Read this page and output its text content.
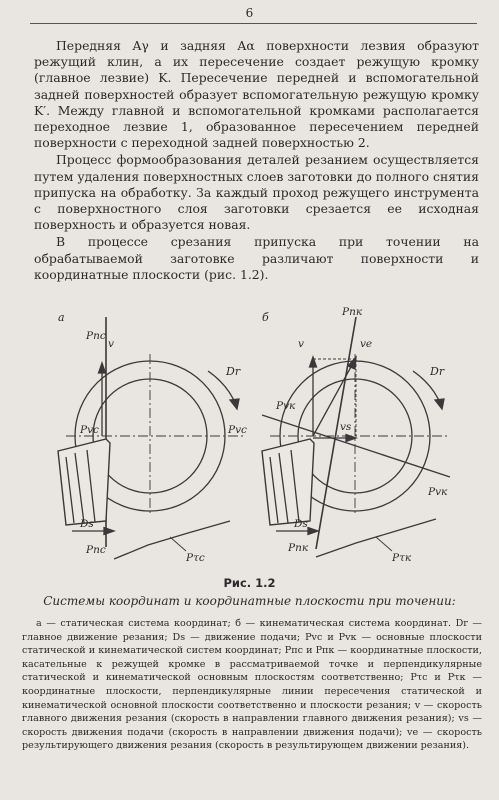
6

Передняя Aγ и задняя Aα поверхности лезвия образуют режущий клин, а их пересечение создает режущую кромку (главное лезвие) K. Пересечение передней и вспомогательной задней поверхностей образует вспомогательную режущую кромку K′. Между главной и вспомогательной кромками располагается переходное лезвие 1, образованное пересечением передней поверхности с переходной задней поверхностью 2.

Процесс формообразования деталей резанием осуществляется путем удаления поверхностных слоев заготовки до полного снятия припуска на обработку. За каждый проход режущего инструмента с поверхностного слоя заготовки срезается ее исходная поверхность и образуется новая.

В процессе срезания припуска при точении на обрабатываемой заготовке различают поверхности и координатные плоскости (рис. 1.2).

а
Pпс
v
Dr
Pvc	Pvc
Ds
Pпс
Pτc
б	Pпк
v	ve
Dr
Pvк
vs
Pvк
Ds
Pпк
Pτк
Рис. 1.2
Системы координат и координатные плоскости при точении:

а — статическая система координат; б — кинематическая система координат. Dr — главное движение резания; Ds — движение подачи; Pvc и Pvк — основные плоскости статической и кинематической систем координат; Pпс и Pпк — координатные плоскости, касательные к режущей кромке в рассматриваемой точке и перпендикулярные статической и кинематической основным плоскостям соответственно; Pτc и Pτк — координатные плоскости, перпендикулярные линии пересечения статической и кинематической основной плоскости соответственно и плоскости резания; v — скорость главного движения резания (скорость в направлении главного движения резания); vs — скорость движения подачи (скорость в направлении движения подачи); ve — скорость результирующего движения резания (скорость в результирующем движении резания).
